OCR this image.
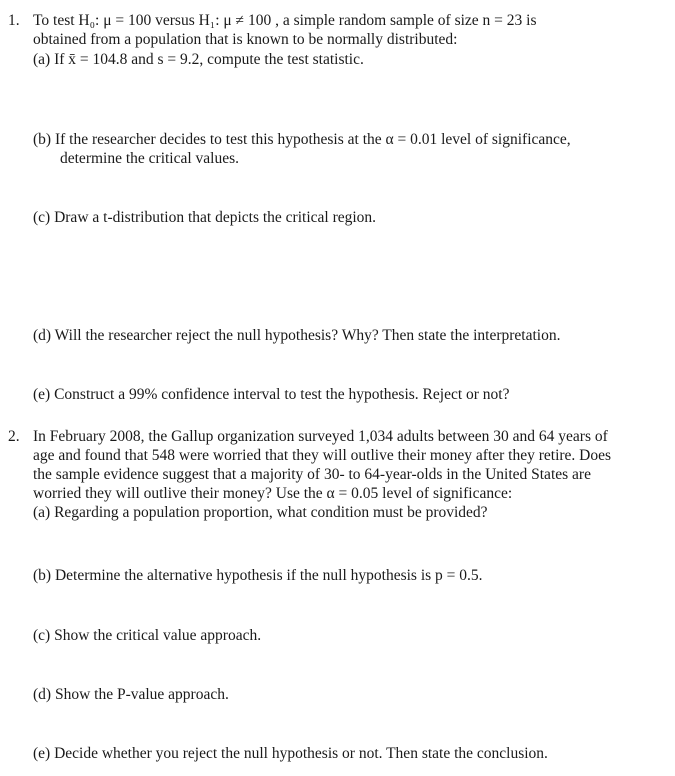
1. To test H₀: μ = 100 versus H₁: μ ≠ 100 , a simple random sample of size n = 23 is
obtained from a population that is known to be normally distributed:
(a) If x̄ = 104.8 and s = 9.2, compute the test statistic.
(b) If the researcher decides to test this hypothesis at the α = 0.01 level of significance,
determine the critical values.
(c) Draw a t-distribution that depicts the critical region.
(d) Will the researcher reject the null hypothesis? Why? Then state the interpretation.
(e) Construct a 99% confidence interval to test the hypothesis. Reject or not?
2. In February 2008, the Gallup organization surveyed 1,034 adults between 30 and 64 years of
age and found that 548 were worried that they will outlive their money after they retire. Does
the sample evidence suggest that a majority of 30- to 64-year-olds in the United States are
worried they will outlive their money? Use the α = 0.05 level of significance:
(a) Regarding a population proportion, what condition must be provided?
(b) Determine the alternative hypothesis if the null hypothesis is p = 0.5.
(c) Show the critical value approach.
(d) Show the P-value approach.
(e) Decide whether you reject the null hypothesis or not. Then state the conclusion.
